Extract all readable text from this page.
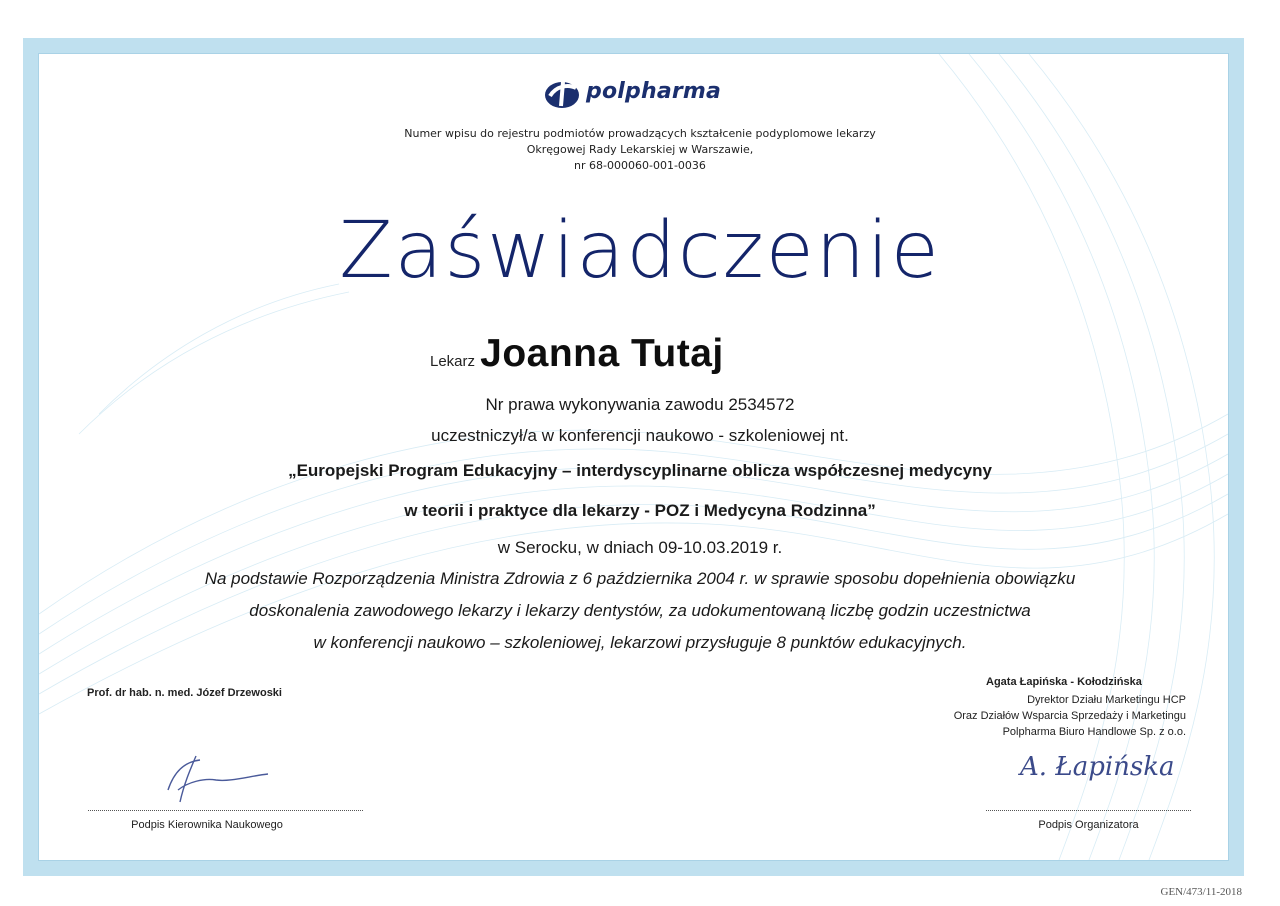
polpharma
Numer wpisu do rejestru podmiotów prowadzących kształcenie podyplomowe lekarzy
Okręgowej Rady Lekarskiej w Warszawie,
nr 68-000060-001-0036
Zaświadczenie
Lekarz Joanna Tutaj
Nr prawa wykonywania zawodu 2534572
uczestniczył/a w konferencji naukowo - szkoleniowej nt.
„Europejski Program Edukacyjny – interdyscyplinarne oblicza współczesnej medycyny
w teorii i praktyce dla lekarzy - POZ i Medycyna Rodzinna”
w Serocku, w dniach 09-10.03.2019 r.
Na podstawie Rozporządzenia Ministra Zdrowia z 6 października 2004 r. w sprawie sposobu dopełnienia obowiązku
doskonalenia zawodowego lekarzy i lekarzy dentystów, za udokumentowaną liczbę godzin uczestnictwa
w konferencji naukowo – szkoleniowej, lekarzowi przysługuje 8 punktów edukacyjnych.
Prof. dr hab. n. med. Józef Drzewoski
Podpis Kierownika Naukowego
Agata Łapińska - Kołodzińska
Dyrektor Działu Marketingu HCP
Oraz Działów Wsparcia Sprzedaży i Marketingu
Polpharma Biuro Handlowe Sp. z o.o.
A. Łapińska
Podpis Organizatora
GEN/473/11-2018
